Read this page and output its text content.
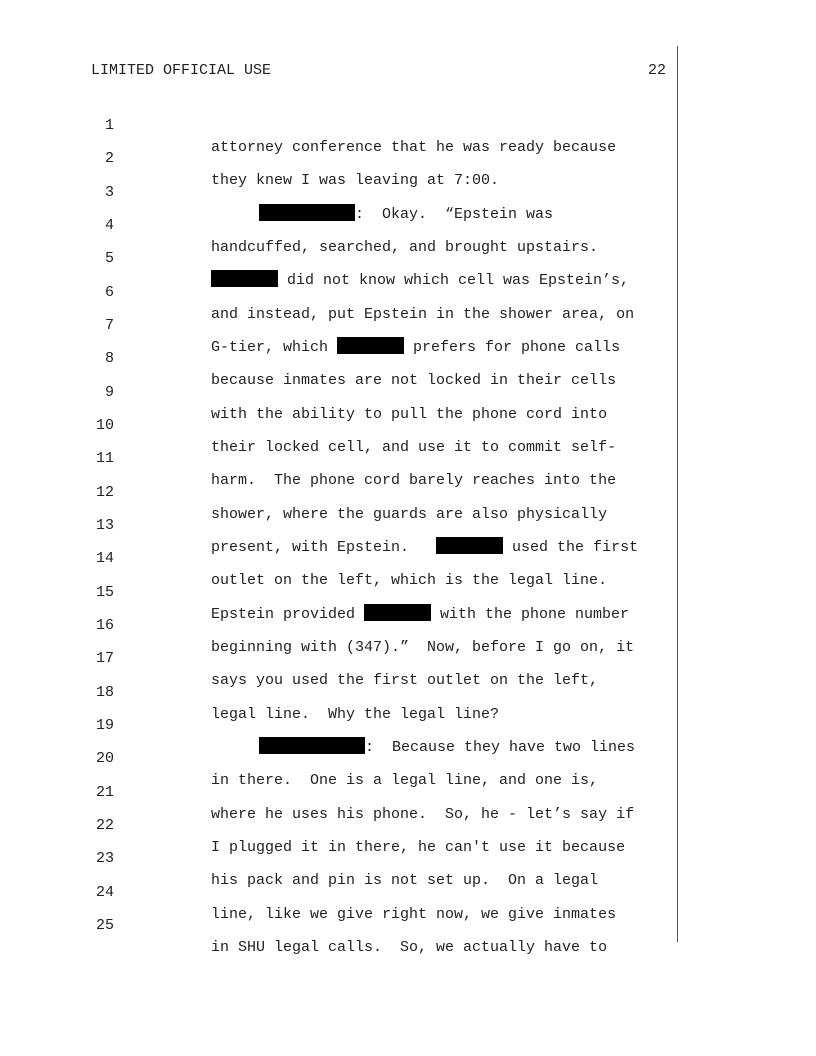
LIMITED OFFICIAL USE	22

1

attorney conference that he was ready because

2

they knew I was leaving at 7:00.

3

:  Okay.  “Epstein was

4

handcuffed, searched, and brought upstairs.

5

did not know which cell was Epstein’s,

6

and instead, put Epstein in the shower area, on

7

G-tier, which	prefers for phone calls

8

because inmates are not locked in their cells

9

with the ability to pull the phone cord into

10

their locked cell, and use it to commit self-

11

harm.  The phone cord barely reaches into the

12

shower, where the guards are also physically

13

present, with Epstein.	used the first

14

outlet on the left, which is the legal line.

15

Epstein provided	with the phone number

16

beginning with (347).”  Now, before I go on, it

17

says you used the first outlet on the left,

18

legal line.  Why the legal line?

19

:  Because they have two lines

20

in there.  One is a legal line, and one is,

21

where he uses his phone.  So, he - let’s say if

22

I plugged it in there, he can't use it because

23

his pack and pin is not set up.  On a legal

24

line, like we give right now, we give inmates

25

in SHU legal calls.  So, we actually have to
